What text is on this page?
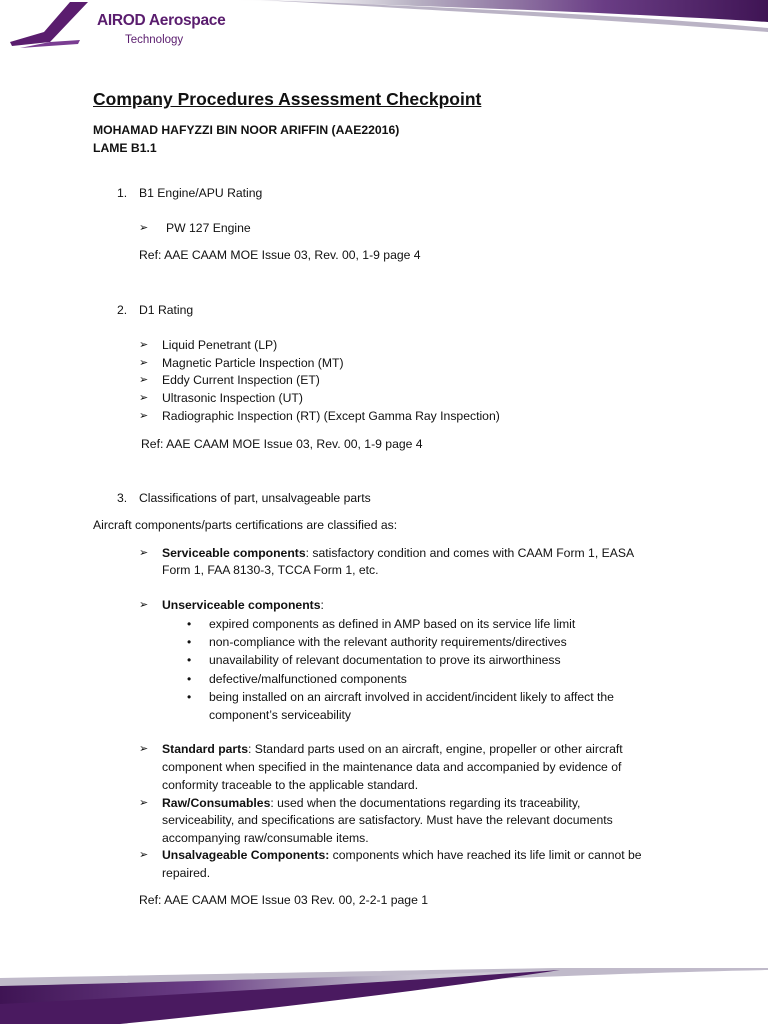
AIROD Aerospace
Technology
Company Procedures Assessment Checkpoint
MOHAMAD HAFYZZI BIN NOOR ARIFFIN (AAE22016)
LAME B1.1
1. B1 Engine/APU Rating
➢ PW 127 Engine
Ref: AAE CAAM MOE Issue 03, Rev. 00, 1-9 page 4
2. D1 Rating
➢ Liquid Penetrant (LP)
➢ Magnetic Particle Inspection (MT)
➢ Eddy Current Inspection (ET)
➢ Ultrasonic Inspection (UT)
➢ Radiographic Inspection (RT) (Except Gamma Ray Inspection)
Ref: AAE CAAM MOE Issue 03, Rev. 00, 1-9 page 4
3. Classifications of part, unsalvageable parts
Aircraft components/parts certifications are classified as:
➢ Serviceable components: satisfactory condition and comes with CAAM Form 1, EASA
Form 1, FAA 8130-3, TCCA Form 1, etc.
➢ Unserviceable components:
• expired components as defined in AMP based on its service life limit
• non-compliance with the relevant authority requirements/directives
• unavailability of relevant documentation to prove its airworthiness
• defective/malfunctioned components
• being installed on an aircraft involved in accident/incident likely to affect the
component’s serviceability
➢ Standard parts: Standard parts used on an aircraft, engine, propeller or other aircraft
component when specified in the maintenance data and accompanied by evidence of
conformity traceable to the applicable standard.
➢ Raw/Consumables: used when the documentations regarding its traceability,
serviceability, and specifications are satisfactory. Must have the relevant documents
accompanying raw/consumable items.
➢ Unsalvageable Components: components which have reached its life limit or cannot be
repaired.
Ref: AAE CAAM MOE Issue 03 Rev. 00, 2-2-1 page 1
